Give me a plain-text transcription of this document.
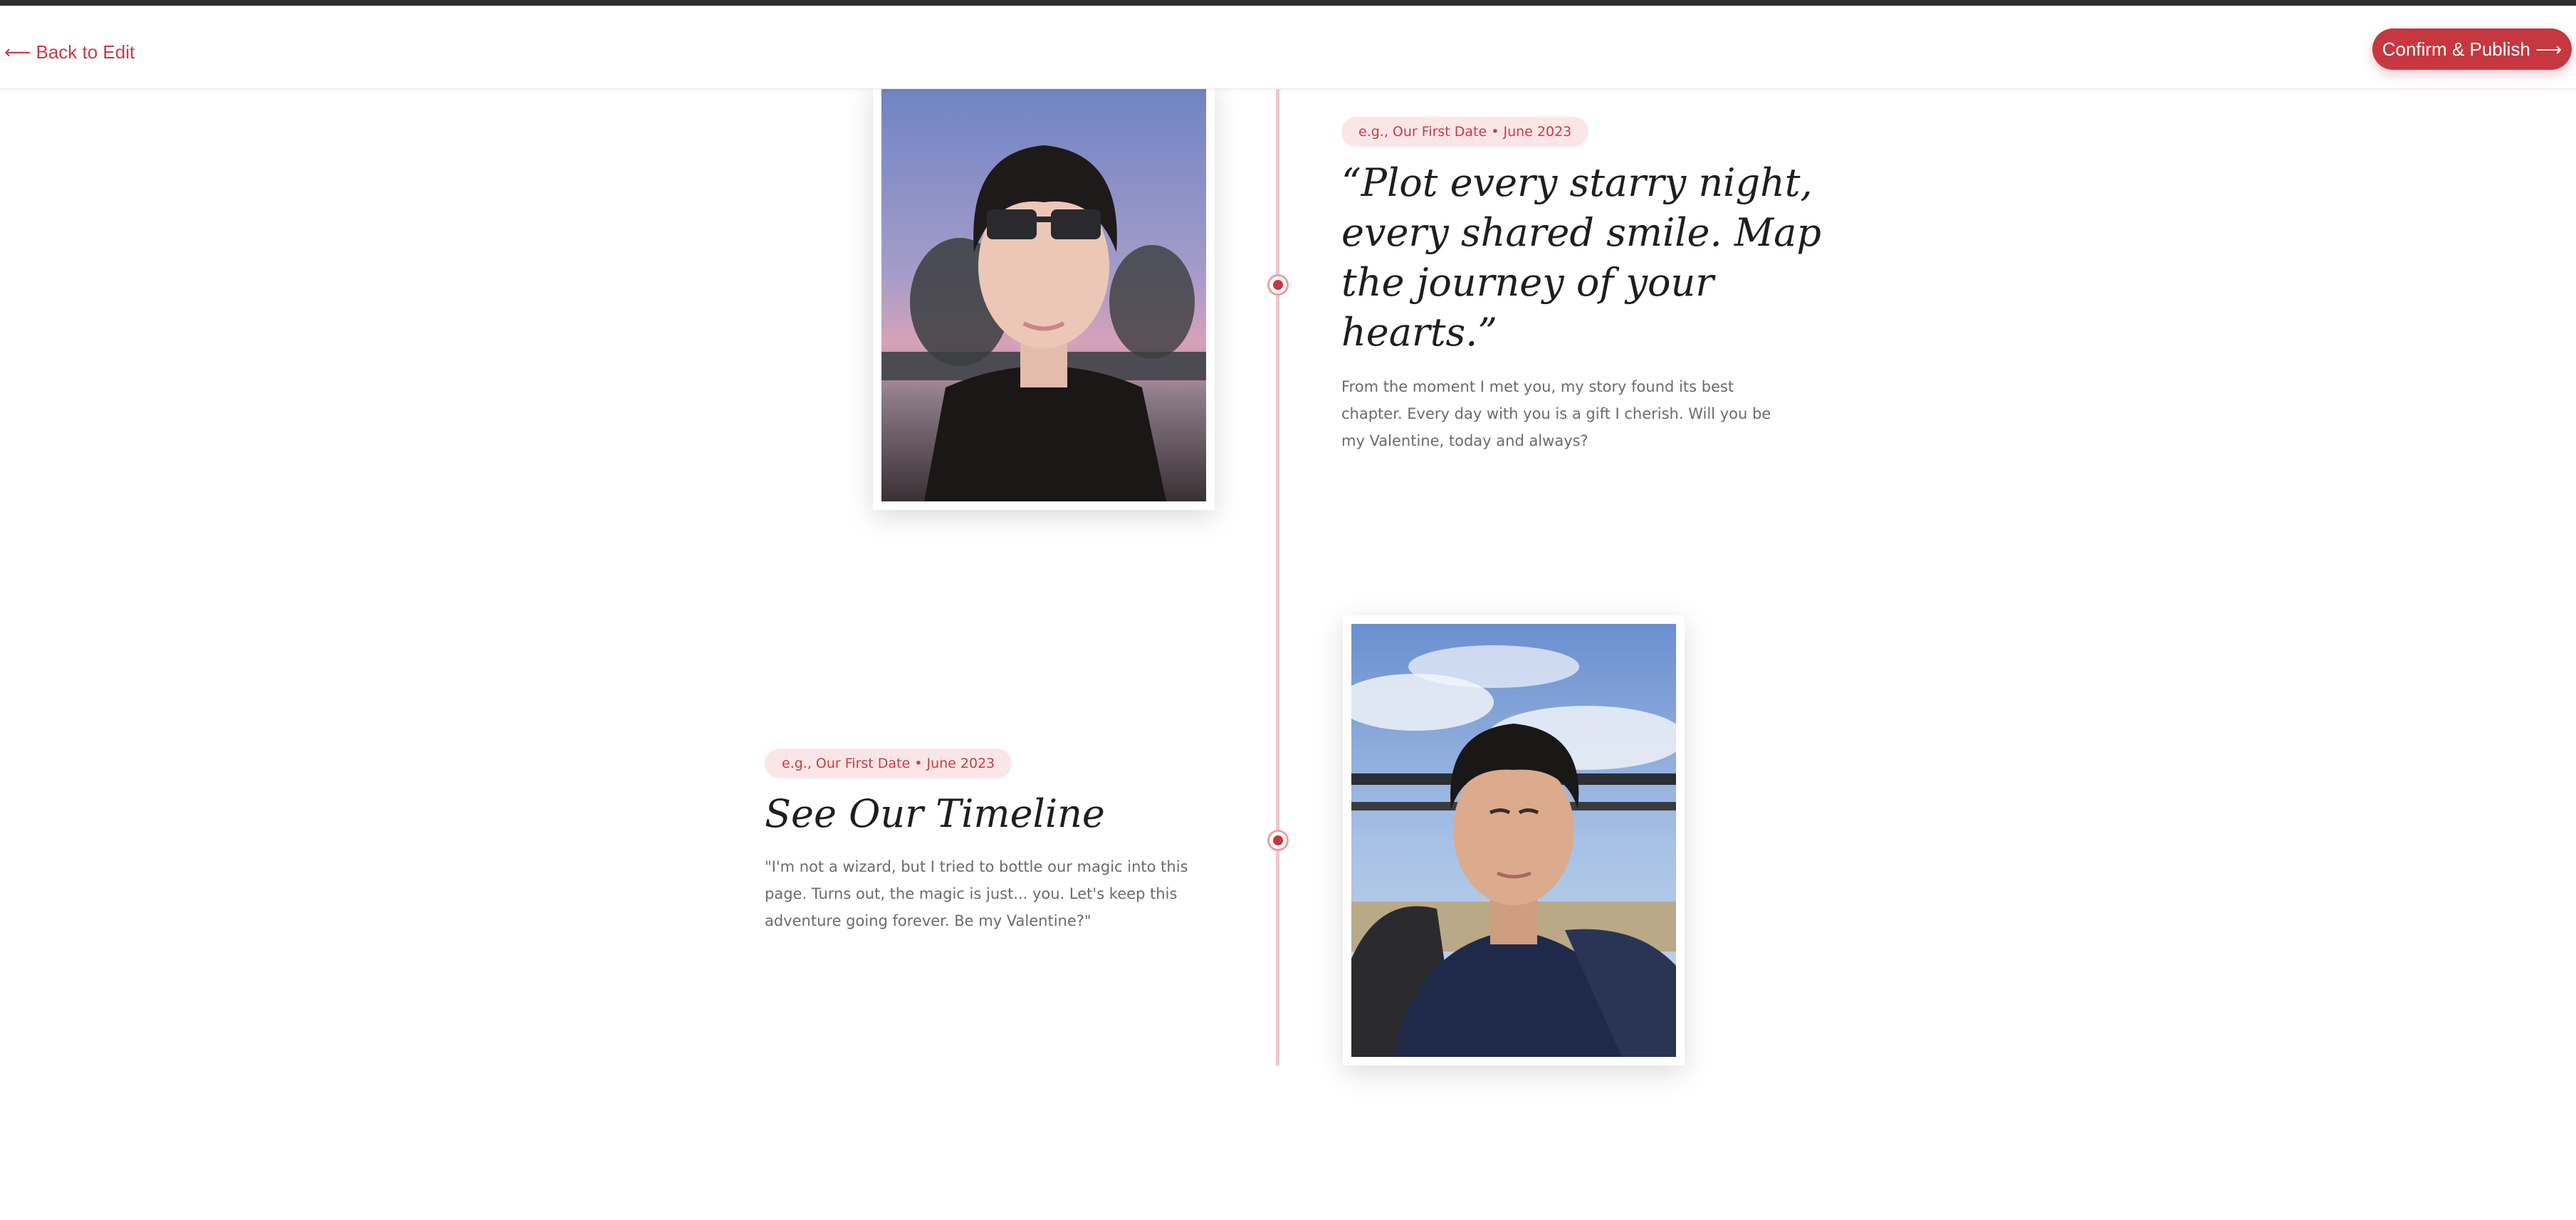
⟵ Back to Edit	Confirm & Publish ⟶
e.g., Our First Date • June 2023
“Plot every starry night, every shared smile. Map the journey of your hearts.”

From the moment I met you, my story found its best chapter. Every day with you is a gift I cherish. Will you be my Valentine, today and always?

e.g., Our First Date • June 2023
See Our Timeline

"I'm not a wizard, but I tried to bottle our magic into this page. Turns out, the magic is just... you. Let's keep this adventure going forever. Be my Valentine?"
